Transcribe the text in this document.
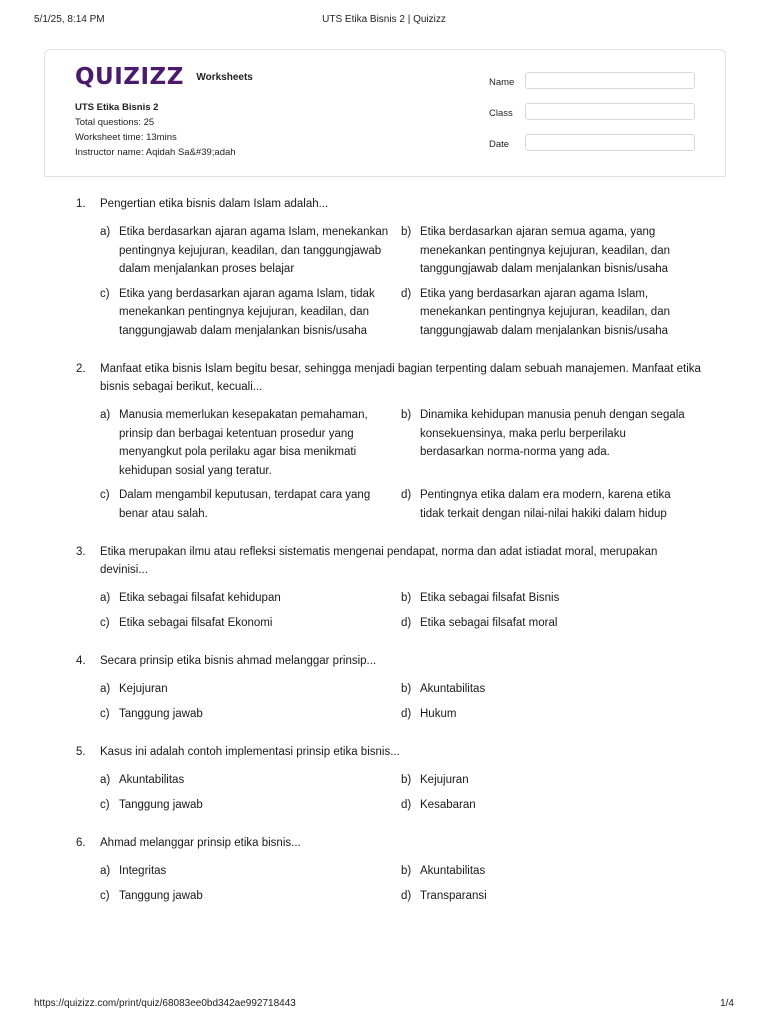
5/1/25, 8:14 PM	UTS Etika Bisnis 2 | Quizizz
QUIZIZZ Worksheets
UTS Etika Bisnis 2
Total questions: 25
Worksheet time: 13mins
Instructor name: Aqidah Sa&#39;adah
Name
Class
Date
1. Pengertian etika bisnis dalam Islam adalah...
a) Etika berdasarkan ajaran agama Islam, menekankan pentingnya kejujuran, keadilan, dan tanggungjawab dalam menjalankan proses belajar
b) Etika berdasarkan ajaran semua agama, yang menekankan pentingnya kejujuran, keadilan, dan tanggungjawab dalam menjalankan bisnis/usaha
c) Etika yang berdasarkan ajaran agama Islam, tidak menekankan pentingnya kejujuran, keadilan, dan tanggungjawab dalam menjalankan bisnis/usaha
d) Etika yang berdasarkan ajaran agama Islam, menekankan pentingnya kejujuran, keadilan, dan tanggungjawab dalam menjalankan bisnis/usaha
2. Manfaat etika bisnis Islam begitu besar, sehingga menjadi bagian terpenting dalam sebuah manajemen. Manfaat etika bisnis sebagai berikut, kecuali...
a) Manusia memerlukan kesepakatan pemahaman, prinsip dan berbagai ketentuan prosedur yang menyangkut pola perilaku agar bisa menikmati kehidupan sosial yang teratur.
b) Dinamika kehidupan manusia penuh dengan segala konsekuensinya, maka perlu berperilaku berdasarkan norma-norma yang ada.
c) Dalam mengambil keputusan, terdapat cara yang benar atau salah.
d) Pentingnya etika dalam era modern, karena etika tidak terkait dengan nilai-nilai hakiki dalam hidup
3. Etika merupakan ilmu atau refleksi sistematis mengenai pendapat, norma dan adat istiadat moral, merupakan devinisi...
a) Etika sebagai filsafat kehidupan	b) Etika sebagai filsafat Bisnis
c) Etika sebagai filsafat Ekonomi	d) Etika sebagai filsafat moral
4. Secara prinsip etika bisnis ahmad melanggar prinsip...
a) Kejujuran	b) Akuntabilitas
c) Tanggung jawab	d) Hukum
5. Kasus ini adalah contoh implementasi prinsip etika bisnis...
a) Akuntabilitas	b) Kejujuran
c) Tanggung jawab	d) Kesabaran
6. Ahmad melanggar prinsip etika bisnis...
a) Integritas	b) Akuntabilitas
c) Tanggung jawab	d) Transparansi
https://quizizz.com/print/quiz/68083ee0bd342ae992718443	1/4
